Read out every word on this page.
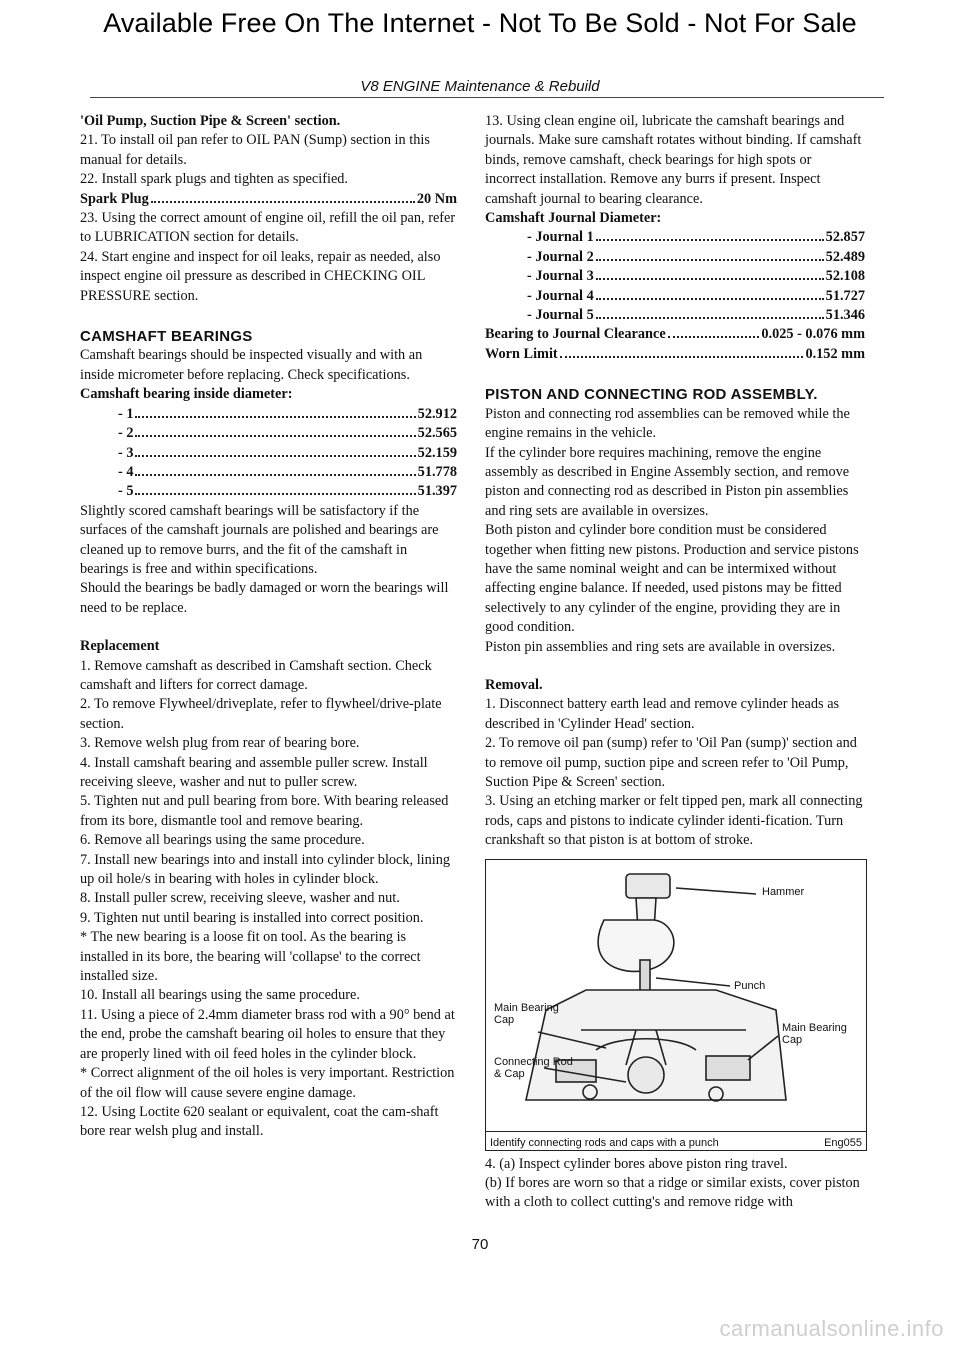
Available Free On The Internet - Not To Be Sold - Not For Sale
V8 ENGINE Maintenance & Rebuild

'Oil Pump, Suction Pipe & Screen' section.

21. To install oil pan refer to OIL PAN (Sump) section in this manual for details.

22. Install spark plugs and tighten as specified.

Spark Plug	20 Nm

23. Using the correct amount of engine oil, refill the oil pan, refer to LUBRICATION section for details.

24. Start engine and inspect for oil leaks, repair as needed, also inspect engine oil pressure as described in CHECKING OIL PRESSURE section.

CAMSHAFT BEARINGS

Camshaft bearings should be inspected visually and with an inside micrometer before replacing. Check specifications.

Camshaft bearing inside diameter:

- 1	52.912
- 2	52.565
- 3	52.159
- 4	51.778
- 5	51.397

Slightly scored camshaft bearings will be satisfactory if the surfaces of the camshaft journals are polished and bearings are cleaned up to remove burrs, and the fit of the camshaft in bearings is free and within specifications.

Should the bearings be badly damaged or worn the bearings will need to be replace.

Replacement

1. Remove camshaft as described in Camshaft section. Check camshaft and lifters for correct damage.

2. To remove Flywheel/driveplate, refer to flywheel/drive-plate section.

3. Remove welsh plug from rear of bearing bore.

4. Install camshaft bearing and assemble puller screw. Install receiving sleeve, washer and nut to puller screw.

5. Tighten nut and pull bearing from bore. With bearing released from its bore, dismantle tool and remove bearing.

6. Remove all bearings using the same procedure.

7. Install new bearings into and install into cylinder block, lining up oil hole/s in bearing with holes in cylinder block.

8. Install puller screw, receiving sleeve, washer and nut.

9. Tighten nut until bearing is installed into correct position.

* The new bearing is a loose fit on tool. As the bearing is installed in its bore, the bearing will 'collapse' to the correct installed size.

10. Install all bearings using the same procedure.

11. Using a piece of 2.4mm diameter brass rod with a 90° bend at the end, probe the camshaft bearing oil holes to ensure that they are properly lined with oil feed holes in the cylinder block.

* Correct alignment of the oil holes is very important. Restriction of the oil flow will cause severe engine damage.

12. Using Loctite 620 sealant or equivalent, coat the cam-shaft bore rear welsh plug and install.

13. Using clean engine oil, lubricate the camshaft bearings and journals. Make sure camshaft rotates without binding. If camshaft binds, remove camshaft, check bearings for high spots or incorrect installation. Remove any burrs if present. Inspect camshaft journal to bearing clearance.

Camshaft Journal Diameter:

- Journal 1	52.857
- Journal 2	52.489
- Journal 3	52.108
- Journal 4	51.727
- Journal 5	51.346
Bearing to Journal Clearance	0.025 - 0.076 mm
Worn Limit	0.152 mm

PISTON AND CONNECTING ROD ASSEMBLY.

Piston and connecting rod assemblies can be removed while the engine remains in the vehicle.

If the cylinder bore requires machining, remove the engine assembly as described in Engine Assembly section, and remove piston and connecting rod as described in Piston pin assemblies and ring sets are available in oversizes.

Both piston and cylinder bore condition must be considered together when fitting new pistons. Production and service pistons have the same nominal weight and can be intermixed without affecting engine balance. If needed, used pistons may be fitted selectively to any cylinder of the engine, providing they are in good condition.

Piston pin assemblies and ring sets are available in oversizes.

Removal.

1. Disconnect battery earth lead and remove cylinder heads as described in 'Cylinder Head' section.

2. To remove oil pan (sump) refer to 'Oil Pan (sump)' section and to remove oil pump, suction pipe and screen refer to 'Oil Pump, Suction Pipe & Screen' section.

3. Using an etching marker or felt tipped pen, mark all connecting rods, caps and pistons to indicate cylinder identi-fication. Turn crankshaft so that piston is at bottom of stroke.

Hammer
Punch
Main Bearing Cap
Main Bearing Cap
Connecting Rod & Cap
Identify connecting rods and caps with a punch	Eng055

4. (a) Inspect cylinder bores above piston ring travel.

(b) If bores are worn so that a ridge or similar exists, cover piston with a cloth to collect cutting's and remove ridge with

70
carmanualsonline.info
